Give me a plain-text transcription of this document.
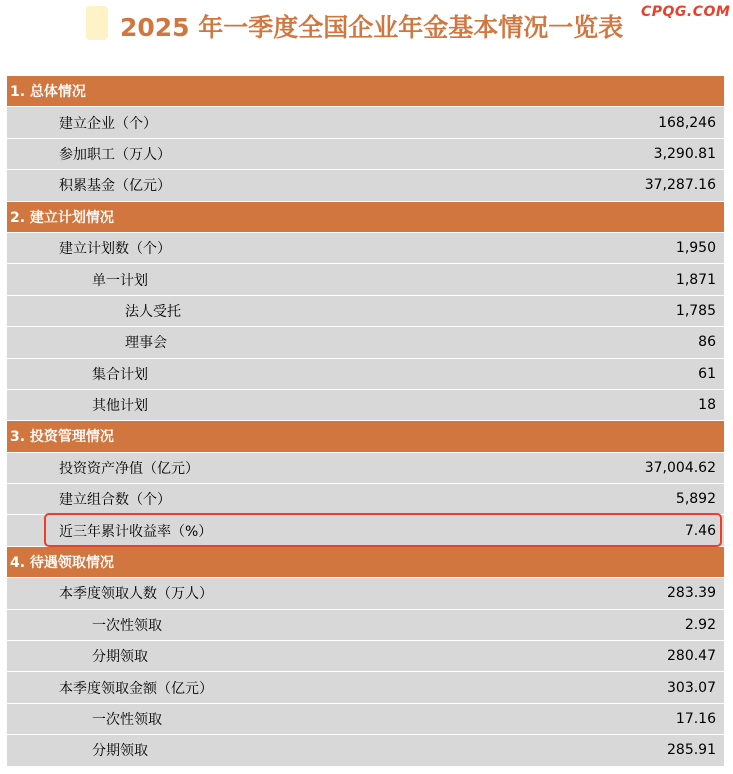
2025 年一季度全国企业年金基本情况一览表
CPQG.COM
1. 总体情况
建立企业（个）	168,246
参加职工（万人）	3,290.81
积累基金（亿元）	37,287.16
2. 建立计划情况
建立计划数（个）	1,950
单一计划	1,871
法人受托	1,785
理事会	86
集合计划	61
其他计划	18
3. 投资管理情况
投资资产净值（亿元）	37,004.62
建立组合数（个）	5,892
近三年累计收益率（%）	7.46
4. 待遇领取情况
本季度领取人数（万人）	283.39
一次性领取	2.92
分期领取	280.47
本季度领取金额（亿元）	303.07
一次性领取	17.16
分期领取	285.91
